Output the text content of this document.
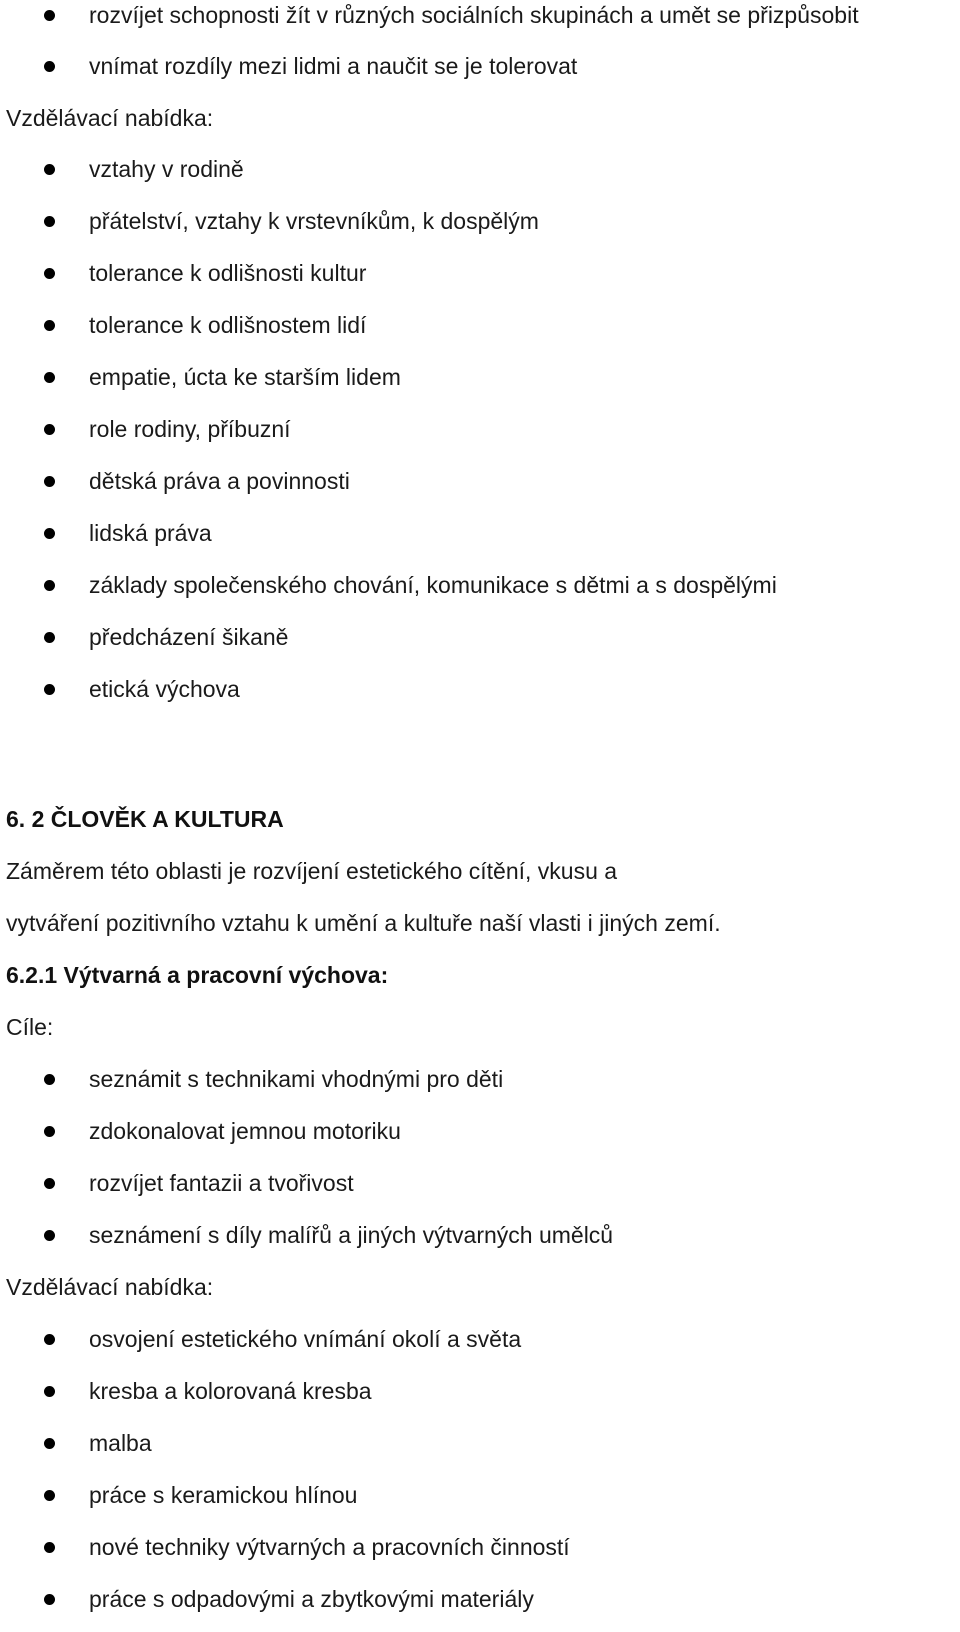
rozvíjet schopnosti žít v různých sociálních skupinách a umět se přizpůsobit
vnímat rozdíly mezi lidmi a naučit se je tolerovat
Vzdělávací nabídka:
vztahy v rodině
přátelství, vztahy k vrstevníkům, k dospělým
tolerance k odlišnosti kultur
tolerance k odlišnostem lidí
empatie, úcta ke starším lidem
role rodiny, příbuzní
dětská práva a povinnosti
lidská práva
základy společenského chování, komunikace s dětmi a s dospělými
předcházení šikaně
etická výchova
6. 2 ČLOVĚK A KULTURA
Záměrem této oblasti je rozvíjení estetického cítění, vkusu a
vytváření pozitivního vztahu k umění a kultuře naší vlasti i jiných zemí.
6.2.1 Výtvarná a pracovní výchova:
Cíle:
seznámit s technikami vhodnými pro děti
zdokonalovat jemnou motoriku
rozvíjet fantazii a tvořivost
seznámení s díly malířů a jiných výtvarných umělců
Vzdělávací nabídka:
osvojení estetického vnímání okolí a světa
kresba a kolorovaná kresba
malba
práce s keramickou hlínou
nové techniky výtvarných a pracovních činností
práce s odpadovými a zbytkovými materiály
